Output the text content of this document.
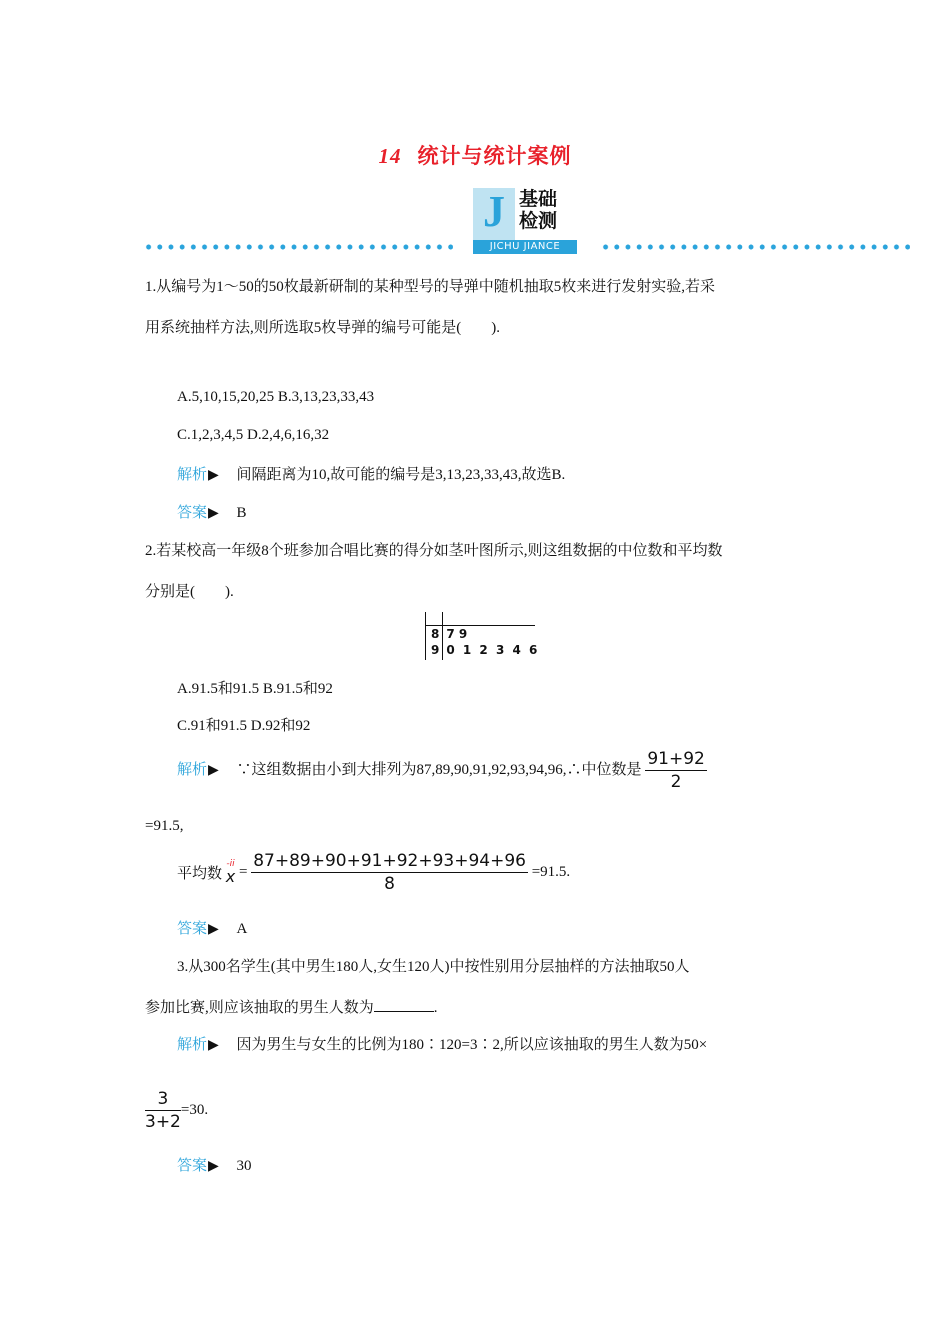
14 统计与统计案例
J 基础
检测
JICHU JIANCE
1.从编号为1～50的50枚最新研制的某种型号的导弹中随机抽取5枚来进行发射实验,若采
用系统抽样方法,则所选取5枚导弹的编号可能是(　　).
A.5,10,15,20,25 B.3,13,23,33,43
C.1,2,3,4,5 D.2,4,6,16,32
解析▶ 间隔距离为10,故可能的编号是3,13,23,33,43,故选B.
答案▶ B
2.若某校高一年级8个班参加合唱比赛的得分如茎叶图所示,则这组数据的中位数和平均数
分别是(　　).
8	7 9
9	0 1 2 3 4 6
A.91.5和91.5 B.91.5和92
C.91和91.5 D.92和92
解析▶ ∵这组数据由小到大排列为87,89,90,91,92,93,94,96,∴中位数是 $\frac{91+92}{2}$
=91.5,
平均数
-ii
$x = \frac{87+89+90+91+92+93+94+96}{8} =91.5$.
答案▶ A
3.从300名学生(其中男生180人,女生120人)中按性别用分层抽样的方法抽取50人
参加比赛,则应该抽取的男生人数为	.
解析▶ 因为男生与女生的比例为180∶120=3∶2,所以应该抽取的男生人数为50×
$\frac{3}{3+2} =30$.
答案▶ 30
